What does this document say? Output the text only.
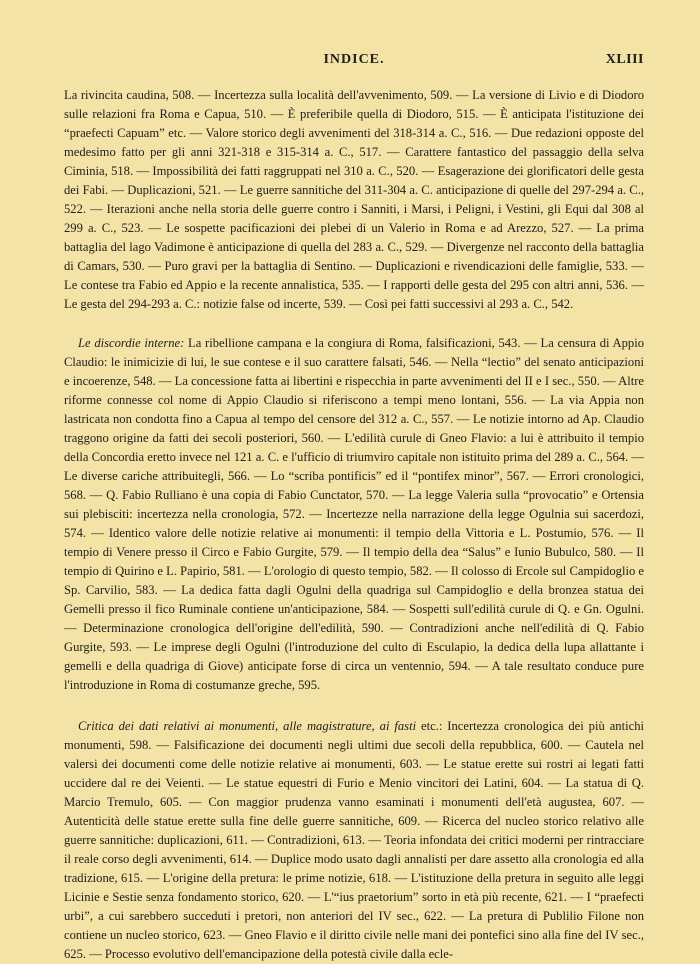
INDICE.	XLIII

La rivincita caudina, 508. — Incertezza sulla località dell'avvenimento, 509. — La versione di Livio e di Diodoro sulle relazioni fra Roma e Capua, 510. — È preferibile quella di Diodoro, 515. — È anticipata l'istituzione dei “praefecti Capuam” etc. — Valore storico degli avvenimenti del 318-314 a. C., 516. — Due redazioni opposte del medesimo fatto per gli anni 321-318 e 315-314 a. C., 517. — Carattere fantastico del passaggio della selva Ciminia, 518. — Impossibilità dei fatti raggruppati nel 310 a. C., 520. — Esagerazione dei glorificatori delle gesta dei Fabi. — Duplicazioni, 521. — Le guerre sannitiche del 311-304 a. C. anticipazione di quelle del 297-294 a. C., 522. — Iterazioni anche nella storia delle guerre contro i Sanniti, i Marsi, i Peligni, i Vestini, gli Equi dal 308 al 299 a. C., 523. — Le sospette pacificazioni dei plebei di un Valerio in Roma e ad Arezzo, 527. — La prima battaglia del lago Vadimone è anticipazione di quella del 283 a. C., 529. — Divergenze nel racconto della battaglia di Camars, 530. — Puro gravi per la battaglia di Sentino. — Duplicazioni e rivendicazioni delle famiglie, 533. — Le contese tra Fabio ed Appio e la recente annalistica, 535. — I rapporti delle gesta del 295 con altri anni, 536. — Le gesta del 294-293 a. C.: notizie false od incerte, 539. — Così pei fatti successivi al 293 a. C., 542.

Le discordie interne: La ribellione campana e la congiura di Roma, falsificazioni, 543. — La censura di Appio Claudio: le inimicizie di lui, le sue contese e il suo carattere falsati, 546. — Nella “lectio” del senato anticipazioni e incoerenze, 548. — La concessione fatta ai libertini e rispecchia in parte avvenimenti del II e I sec., 550. — Altre riforme connesse col nome di Appio Claudio si riferiscono a tempi meno lontani, 556. — La via Appia non lastricata non condotta fino a Capua al tempo del censore del 312 a. C., 557. — Le notizie intorno ad Ap. Claudio traggono origine da fatti dei secoli posteriori, 560. — L'edilità curule di Gneo Flavio: a lui è attribuito il tempio della Concordia eretto invece nel 121 a. C. e l'ufficio di triumviro capitale non istituito prima del 289 a. C., 564. — Le diverse cariche attribuitegli, 566. — Lo “scriba pontificis” ed il “pontifex minor”, 567. — Errori cronologici, 568. — Q. Fabio Rulliano è una copia di Fabio Cunctator, 570. — La legge Valeria sulla “provocatio” e Ortensia sui plebisciti: incertezza nella cronologia, 572. — Incertezze nella narrazione della legge Ogulnia sui sacerdozi, 574. — Identico valore delle notizie relative ai monumenti: il tempio della Vittoria e L. Postumio, 576. — Il tempio di Venere presso il Circo e Fabio Gurgite, 579. — Il tempio della dea “Salus” e Iunio Bubulco, 580. — Il tempio di Quirino e L. Papirio, 581. — L'orologio di questo tempio, 582. — Il colosso di Ercole sul Campidoglio e Sp. Carvilio, 583. — La dedica fatta dagli Ogulni della quadriga sul Campidoglio e della bronzea statua dei Gemelli presso il fico Ruminale contiene un'anticipazione, 584. — Sospetti sull'edilità curule di Q. e Gn. Ogulni. — Determinazione cronologica dell'origine dell'edilità, 590. — Contradizioni anche nell'edilità di Q. Fabio Gurgite, 593. — Le imprese degli Ogulni (l'introduzione del culto di Esculapio, la dedica della lupa allattante i gemelli e della quadriga di Giove) anticipate forse di circa un ventennio, 594. — A tale resultato conduce pure l'introduzione in Roma di costumanze greche, 595.

Critica dei dati relativi ai monumenti, alle magistrature, ai fasti etc.: Incertezza cronologica dei più antichi monumenti, 598. — Falsificazione dei documenti negli ultimi due secoli della repubblica, 600. — Cautela nel valersi dei documenti come delle notizie relative ai monumenti, 603. — Le statue erette sui rostri ai legati fatti uccidere dal re dei Veienti. — Le statue equestri di Furio e Menio vincitori dei Latini, 604. — La statua di Q. Marcio Tremulo, 605. — Con maggior prudenza vanno esaminati i monumenti dell'età augustea, 607. — Autenticità delle statue erette sulla fine delle guerre sannitiche, 609. — Ricerca del nucleo storico relativo alle guerre sannitiche: duplicazioni, 611. — Contradizioni, 613. — Teoria infondata dei critici moderni per rintracciare il reale corso degli avvenimenti, 614. — Duplice modo usato dagli annalisti per dare assetto alla cronologia ed alla tradizione, 615. — L'origine della pretura: le prime notizie, 618. — L'istituzione della pretura in seguito alle leggi Licinie e Sestie senza fondamento storico, 620. — L'“ius praetorium” sorto in età più recente, 621. — I “praefecti urbi”, a cui sarebbero succeduti i pretori, non anteriori del IV sec., 622. — La pretura di Publilio Filone non contiene un nucleo storico, 623. — Gneo Flavio e il diritto civile nelle mani dei pontefici sino alla fine del IV sec., 625. — Processo evolutivo dell'emancipazione della potestà civile dalla ecle-
